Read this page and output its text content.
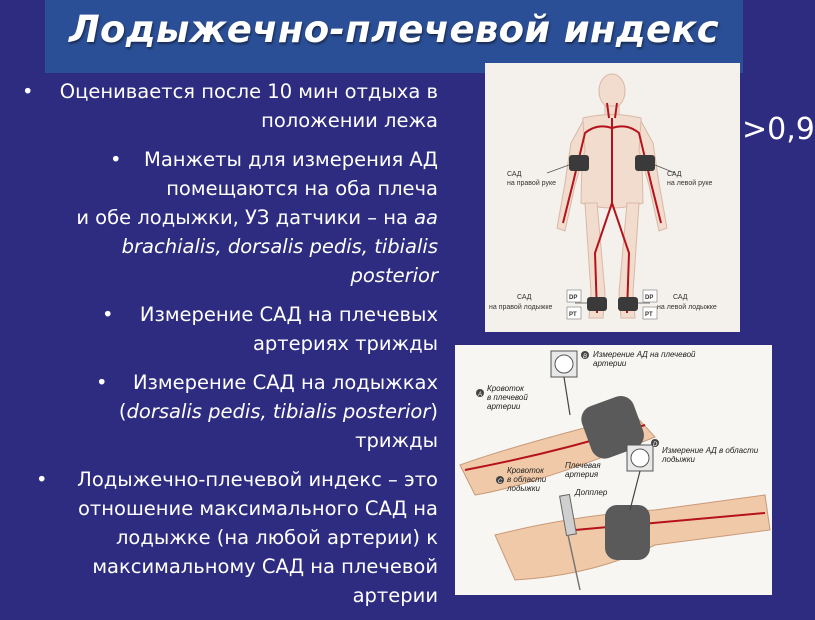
Лодыжечно-плечевой индекс
•	Оценивается после 10 мин отдыха в
положении лежа
•	Манжеты для измерения АД
помещаются на оба плеча
и обе лодыжки, УЗ датчики – на aa
brachialis, dorsalis pedis, tibialis
posterior
•	Измерение САД на плечевых
артериях трижды
•	Измерение САД на лодыжках
(dorsalis pedis, tibialis posterior)
трижды
•	Лодыжечно-плечевой индекс – это
отношение максимального САД на
лодыжке (на любой артерии) к
максимальному САД на плечевой
артерии
>0,9
САД
на правой руке
САД
на левой руке
САД
на правой лодыжке
САД
на левой лодыжке
DP
PT
DP
PT
B Измерение АД на плечевой
артерии
A
Кровоток
в плечевой
артерии
D
Измерение АД в области
лодыжки
C
Кровоток
в области
лодыжки
Плечевая
артерия
Допплер
